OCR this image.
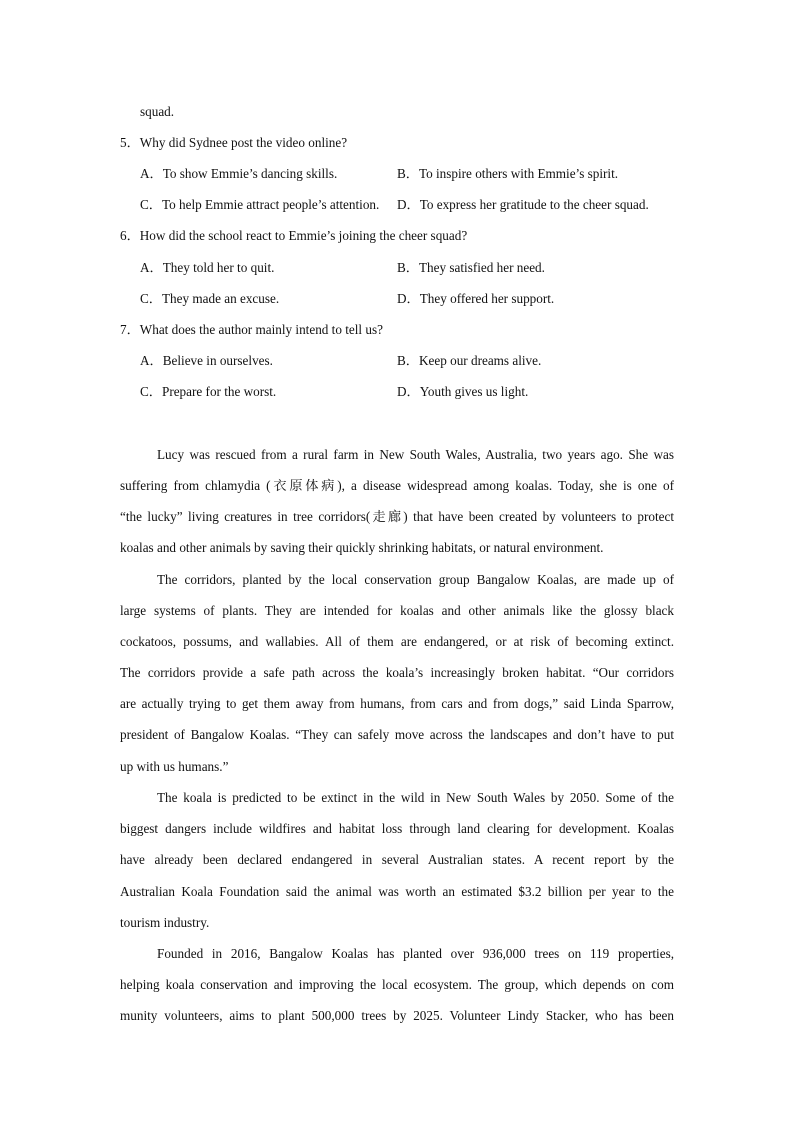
squad.
5．Why did Sydnee post the video online?
A．To show Emmie’s dancing skills.	B．To inspire others with Emmie’s spirit.
C．To help Emmie attract people’s attention. D．To express her gratitude to the cheer squad.
6．How did the school react to Emmie’s joining the cheer squad?
A．They told her to quit.	B．They satisfied her need.
C．They made an excuse.	D．They offered her support.
7．What does the author mainly intend to tell us?
A．Believe in ourselves.	B．Keep our dreams alive.
C．Prepare for the worst.	D．Youth gives us light.
Lucy was rescued from a rural farm in New South Wales, Australia, two years ago. She was
suffering from chlamydia (衣原体病), a disease widespread among koalas. Today, she is one of
“the lucky” living creatures in tree corridors(走廊) that have been created by volunteers to protect
koalas and other animals by saving their quickly shrinking habitats, or natural environment.
The corridors, planted by the local conservation group Bangalow Koalas, are made up of
large systems of plants. They are intended for koalas and other animals like the glossy black
cockatoos, possums, and wallabies. All of them are endangered, or at risk of becoming extinct.
The corridors provide a safe path across the koala’s increasingly broken habitat. “Our corridors
are actually trying to get them away from humans, from cars and from dogs,” said Linda Sparrow,
president of Bangalow Koalas. “They can safely move across the landscapes and don’t have to put
up with us humans.”
The koala is predicted to be extinct in the wild in New South Wales by 2050. Some of the
biggest dangers include wildfires and habitat loss through land clearing for development. Koalas
have already been declared endangered in several Australian states. A recent report by the
Australian Koala Foundation said the animal was worth an estimated $3.2 billion per year to the
tourism industry.
Founded in 2016, Bangalow Koalas has planted over 936,000 trees on 119 properties,
helping koala conservation and improving the local ecosystem. The group, which depends on com
munity volunteers, aims to plant 500,000 trees by 2025. Volunteer Lindy Stacker, who has been
